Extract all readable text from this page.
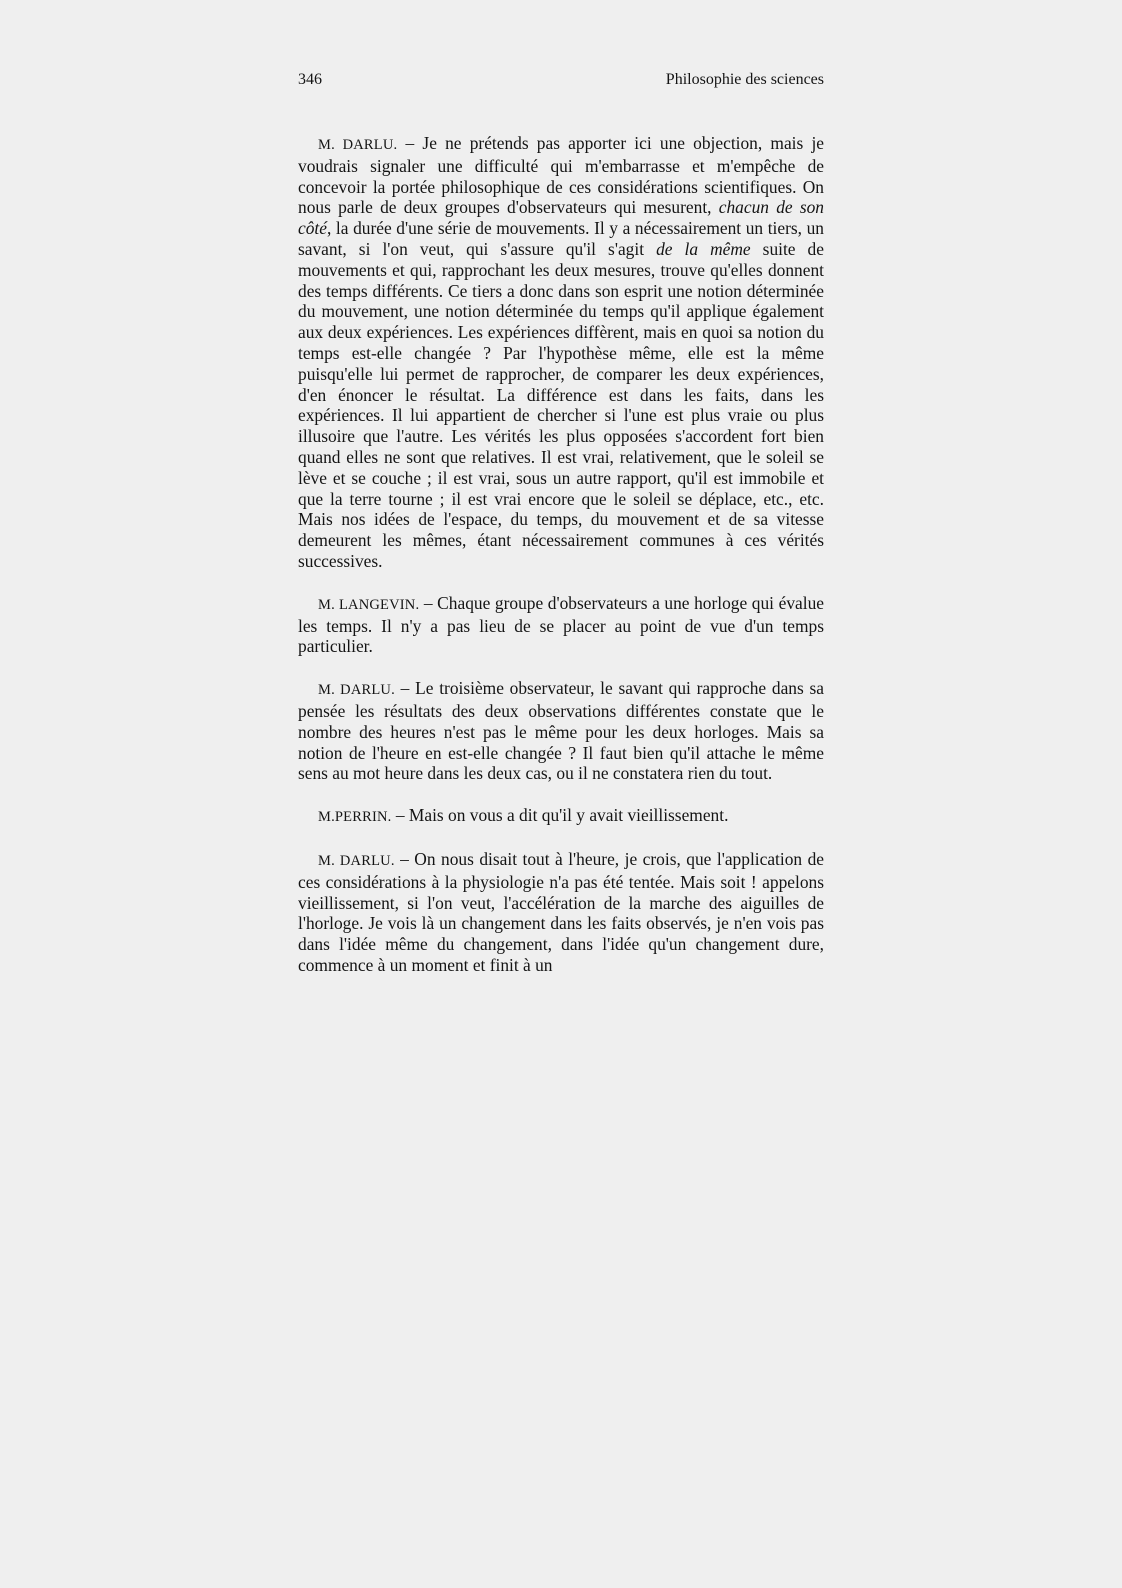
346	Philosophie des sciences

M. DARLU. – Je ne prétends pas apporter ici une objection, mais je voudrais signaler une difficulté qui m'embarrasse et m'empêche de concevoir la portée philosophique de ces considérations scientifiques. On nous parle de deux groupes d'observateurs qui mesurent, chacun de son côté, la durée d'une série de mouvements. Il y a nécessairement un tiers, un savant, si l'on veut, qui s'assure qu'il s'agit de la même suite de mouvements et qui, rapprochant les deux mesures, trouve qu'elles donnent des temps différents. Ce tiers a donc dans son esprit une notion déterminée du mouvement, une notion déterminée du temps qu'il applique également aux deux expériences. Les expériences diffèrent, mais en quoi sa notion du temps est-elle changée ? Par l'hypothèse même, elle est la même puisqu'elle lui permet de rapprocher, de comparer les deux expériences, d'en énoncer le résultat. La différence est dans les faits, dans les expériences. Il lui appartient de chercher si l'une est plus vraie ou plus illusoire que l'autre. Les vérités les plus opposées s'accordent fort bien quand elles ne sont que relatives. Il est vrai, relativement, que le soleil se lève et se couche ; il est vrai, sous un autre rapport, qu'il est immobile et que la terre tourne ; il est vrai encore que le soleil se déplace, etc., etc. Mais nos idées de l'espace, du temps, du mouvement et de sa vitesse demeurent les mêmes, étant nécessairement communes à ces vérités successives.

M. LANGEVIN. – Chaque groupe d'observateurs a une horloge qui évalue les temps. Il n'y a pas lieu de se placer au point de vue d'un temps particulier.

M. DARLU. – Le troisième observateur, le savant qui rapproche dans sa pensée les résultats des deux observations différentes constate que le nombre des heures n'est pas le même pour les deux horloges. Mais sa notion de l'heure en est-elle changée ? Il faut bien qu'il attache le même sens au mot heure dans les deux cas, ou il ne constatera rien du tout.

M.PERRIN. – Mais on vous a dit qu'il y avait vieillissement.

M. DARLU. – On nous disait tout à l'heure, je crois, que l'application de ces considérations à la physiologie n'a pas été tentée. Mais soit ! appelons vieillissement, si l'on veut, l'accélération de la marche des aiguilles de l'horloge. Je vois là un changement dans les faits observés, je n'en vois pas dans l'idée même du changement, dans l'idée qu'un changement dure, commence à un moment et finit à un
